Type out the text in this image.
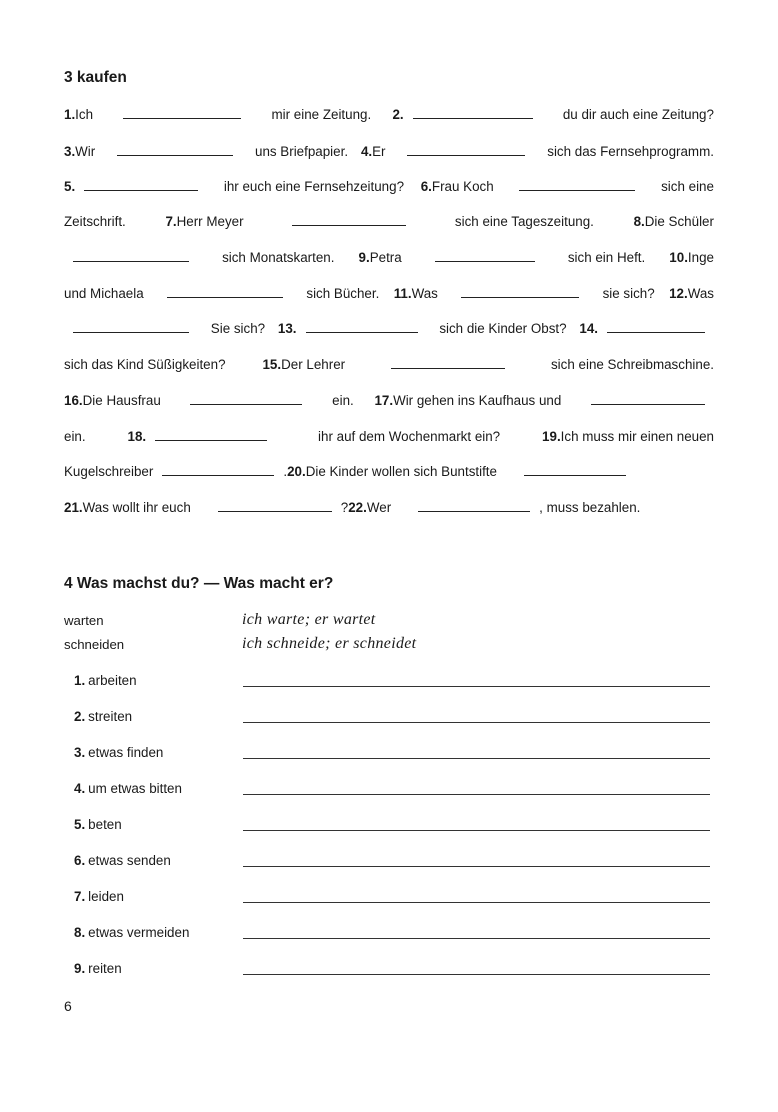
3 kaufen
1. Ich	mir eine Zeitung. 2.	du dir auch eine Zeitung?
3. Wir	uns Briefpapier. 4. Er	sich das Fernsehprogramm.
5.	ihr euch eine Fernsehzeitung? 6. Frau Koch	sich eine
Zeitschrift.	7. Herr Meyer	sich eine Tageszeitung.	8. Die Schüler
sich Monatskarten. 9. Petra	sich ein Heft. 10. Inge
und Michaela	sich Bücher. 11. Was	sie sich? 12. Was
Sie sich? 13.	sich die Kinder Obst? 14.
sich das Kind Süßigkeiten?	15. Der Lehrer	sich eine Schreibmaschine.
16. Die Hausfrau	ein. 17. Wir gehen ins Kaufhaus und
ein.	18.	ihr auf dem Wochenmarkt ein?	19. Ich muss mir einen neuen
Kugelschreiber	. 20. Die Kinder wollen sich Buntstifte
21. Was wollt ihr euch	? 22. Wer	, muss bezahlen.
4 Was machst du? — Was macht er?
warten	ich warte; er wartet
schneiden	ich schneide; er schneidet
1. arbeiten
2. streiten
3. etwas finden
4. um etwas bitten
5. beten
6. etwas senden
7. leiden
8. etwas vermeiden
9. reiten
6
